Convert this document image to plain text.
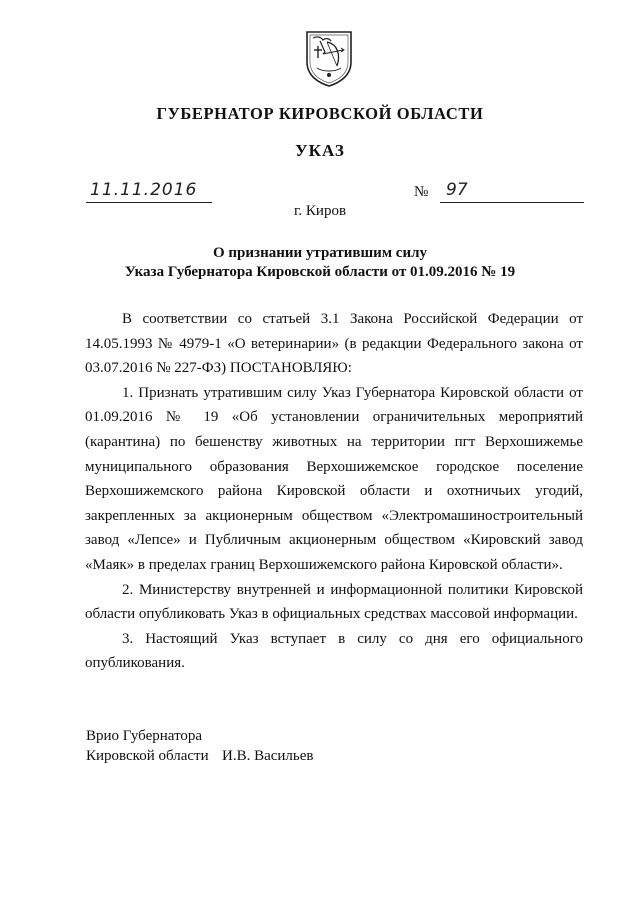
ГУБЕРНАТОР КИРОВСКОЙ ОБЛАСТИ
УКАЗ
11.11.2016	№ 97
г. Киров
О признании утратившим силу
Указа Губернатора Кировской области от 01.09.2016 № 19

В соответствии со статьей 3.1 Закона Российской Федерации от 14.05.1993 № 4979-1 «О ветеринарии» (в редакции Федерального закона от 03.07.2016 № 227-ФЗ) ПОСТАНОВЛЯЮ:

1. Признать утратившим силу Указ Губернатора Кировской области от 01.09.2016 № 19 «Об установлении ограничительных мероприятий (карантина) по бешенству животных на территории пгт Верхошижемье муниципального образования Верхошижемское городское поселение Верхошижемского района Кировской области и охотничьих угодий, закрепленных за акционерным обществом «Электромашиностроительный завод «Лепсе» и Публичным акционерным обществом «Кировский завод «Маяк» в пределах границ Верхошижемского района Кировской области».

2. Министерству внутренней и информационной политики Кировской области опубликовать Указ в официальных средствах массовой информации.

3. Настоящий Указ вступает в силу со дня его официального опубликования.

Врио Губернатора
Кировской области И.В. Васильев
